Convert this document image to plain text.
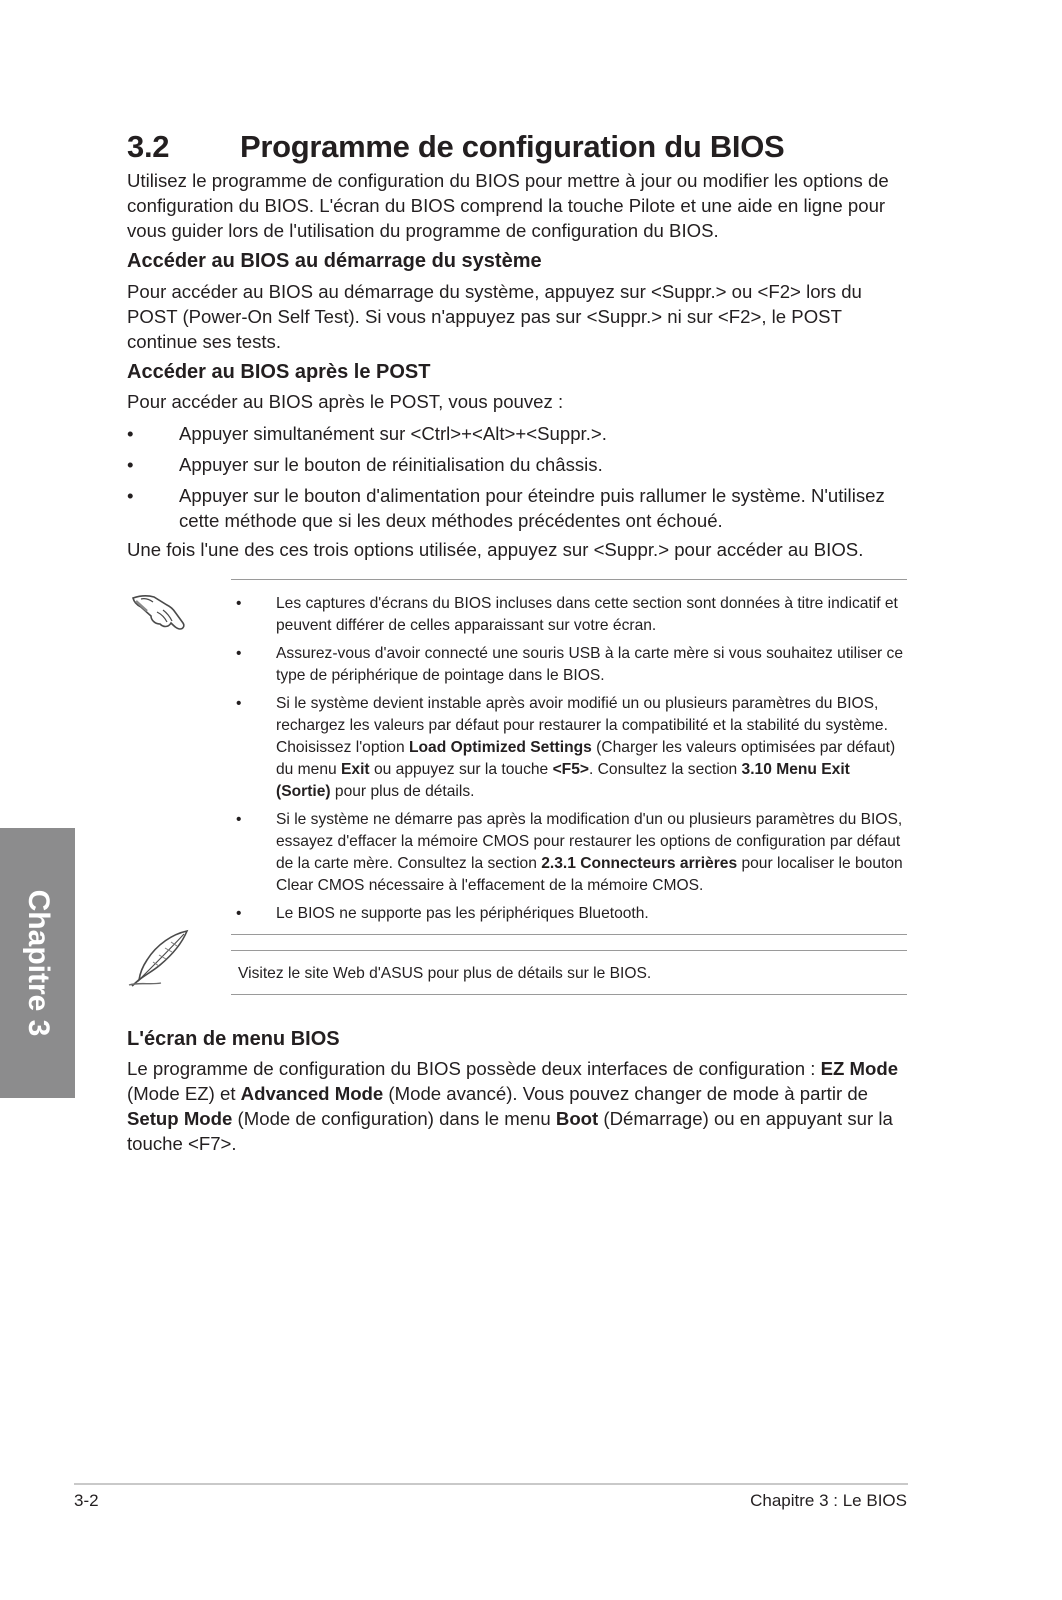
3.2 Programme de configuration du BIOS

Utilisez le programme de configuration du BIOS pour mettre à jour ou modifier les options de configuration du BIOS. L'écran du BIOS comprend la touche Pilote et une aide en ligne pour vous guider lors de l'utilisation du programme de configuration du BIOS.

Accéder au BIOS au démarrage du système

Pour accéder au BIOS au démarrage du système, appuyez sur <Suppr.> ou <F2> lors du POST (Power-On Self Test). Si vous n'appuyez pas sur <Suppr.> ni sur <F2>, le POST continue ses tests.

Accéder au BIOS après le POST

Pour accéder au BIOS après le POST, vous pouvez :

• Appuyer simultanément sur <Ctrl>+<Alt>+<Suppr.>.
• Appuyer sur le bouton de réinitialisation du châssis.
• Appuyer sur le bouton d'alimentation pour éteindre puis rallumer le système. N'utilisez cette méthode que si les deux méthodes précédentes ont échoué.

Une fois l'une des ces trois options utilisée, appuyez sur <Suppr.> pour accéder au BIOS.

• Les captures d'écrans du BIOS incluses dans cette section sont données à titre indicatif et peuvent différer de celles apparaissant sur votre écran.
• Assurez-vous d'avoir connecté une souris USB à la carte mère si vous souhaitez utiliser ce type de périphérique de pointage dans le BIOS.
• Si le système devient instable après avoir modifié un ou plusieurs paramètres du BIOS, rechargez les valeurs par défaut pour restaurer la compatibilité et la stabilité du système. Choisissez l'option Load Optimized Settings (Charger les valeurs optimisées par défaut) du menu Exit ou appuyez sur la touche <F5>. Consultez la section 3.10 Menu Exit (Sortie) pour plus de détails.
• Si le système ne démarre pas après la modification d'un ou plusieurs paramètres du BIOS, essayez d'effacer la mémoire CMOS pour restaurer les options de configuration par défaut de la carte mère. Consultez la section 2.3.1 Connecteurs arrières pour localiser le bouton Clear CMOS nécessaire à l'effacement de la mémoire CMOS.
• Le BIOS ne supporte pas les périphériques Bluetooth.

Visitez le site Web d'ASUS pour plus de détails sur le BIOS.

L'écran de menu BIOS

Le programme de configuration du BIOS possède deux interfaces de configuration : EZ Mode (Mode EZ) et Advanced Mode (Mode avancé). Vous pouvez changer de mode à partir de Setup Mode (Mode de configuration) dans le menu Boot (Démarrage) ou en appuyant sur la touche <F7>.

Chapitre 3
3-2	Chapitre 3 : Le BIOS
